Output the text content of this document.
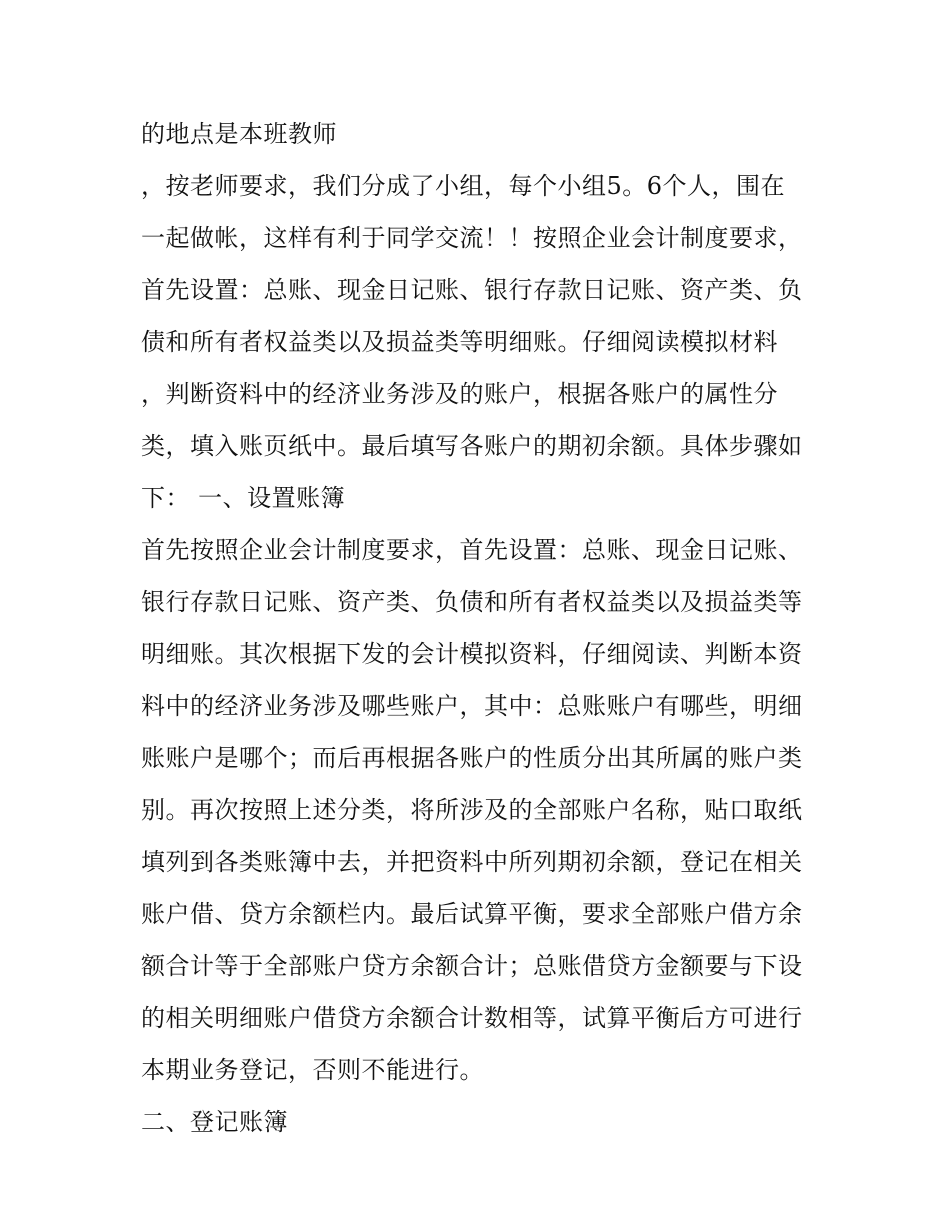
的地点是本班教师
，按老师要求，我们分成了小组，每个小组5。6个人，围在
一起做帐，这样有利于同学交流！！按照企业会计制度要求，
首先设置：总账、现金日记账、银行存款日记账、资产类、负
债和所有者权益类以及损益类等明细账。仔细阅读模拟材料
，判断资料中的经济业务涉及的账户，根据各账户的属性分
类，填入账页纸中。最后填写各账户的期初余额。具体步骤如
下： 一、设置账簿
首先按照企业会计制度要求，首先设置：总账、现金日记账、
银行存款日记账、资产类、负债和所有者权益类以及损益类等
明细账。其次根据下发的会计模拟资料，仔细阅读、判断本资
料中的经济业务涉及哪些账户，其中：总账账户有哪些，明细
账账户是哪个；而后再根据各账户的性质分出其所属的账户类
别。再次按照上述分类，将所涉及的全部账户名称，贴口取纸
填列到各类账簿中去，并把资料中所列期初余额，登记在相关
账户借、贷方余额栏内。最后试算平衡，要求全部账户借方余
额合计等于全部账户贷方余额合计；总账借贷方金额要与下设
的相关明细账户借贷方余额合计数相等，试算平衡后方可进行
本期业务登记，否则不能进行。
二、登记账簿
